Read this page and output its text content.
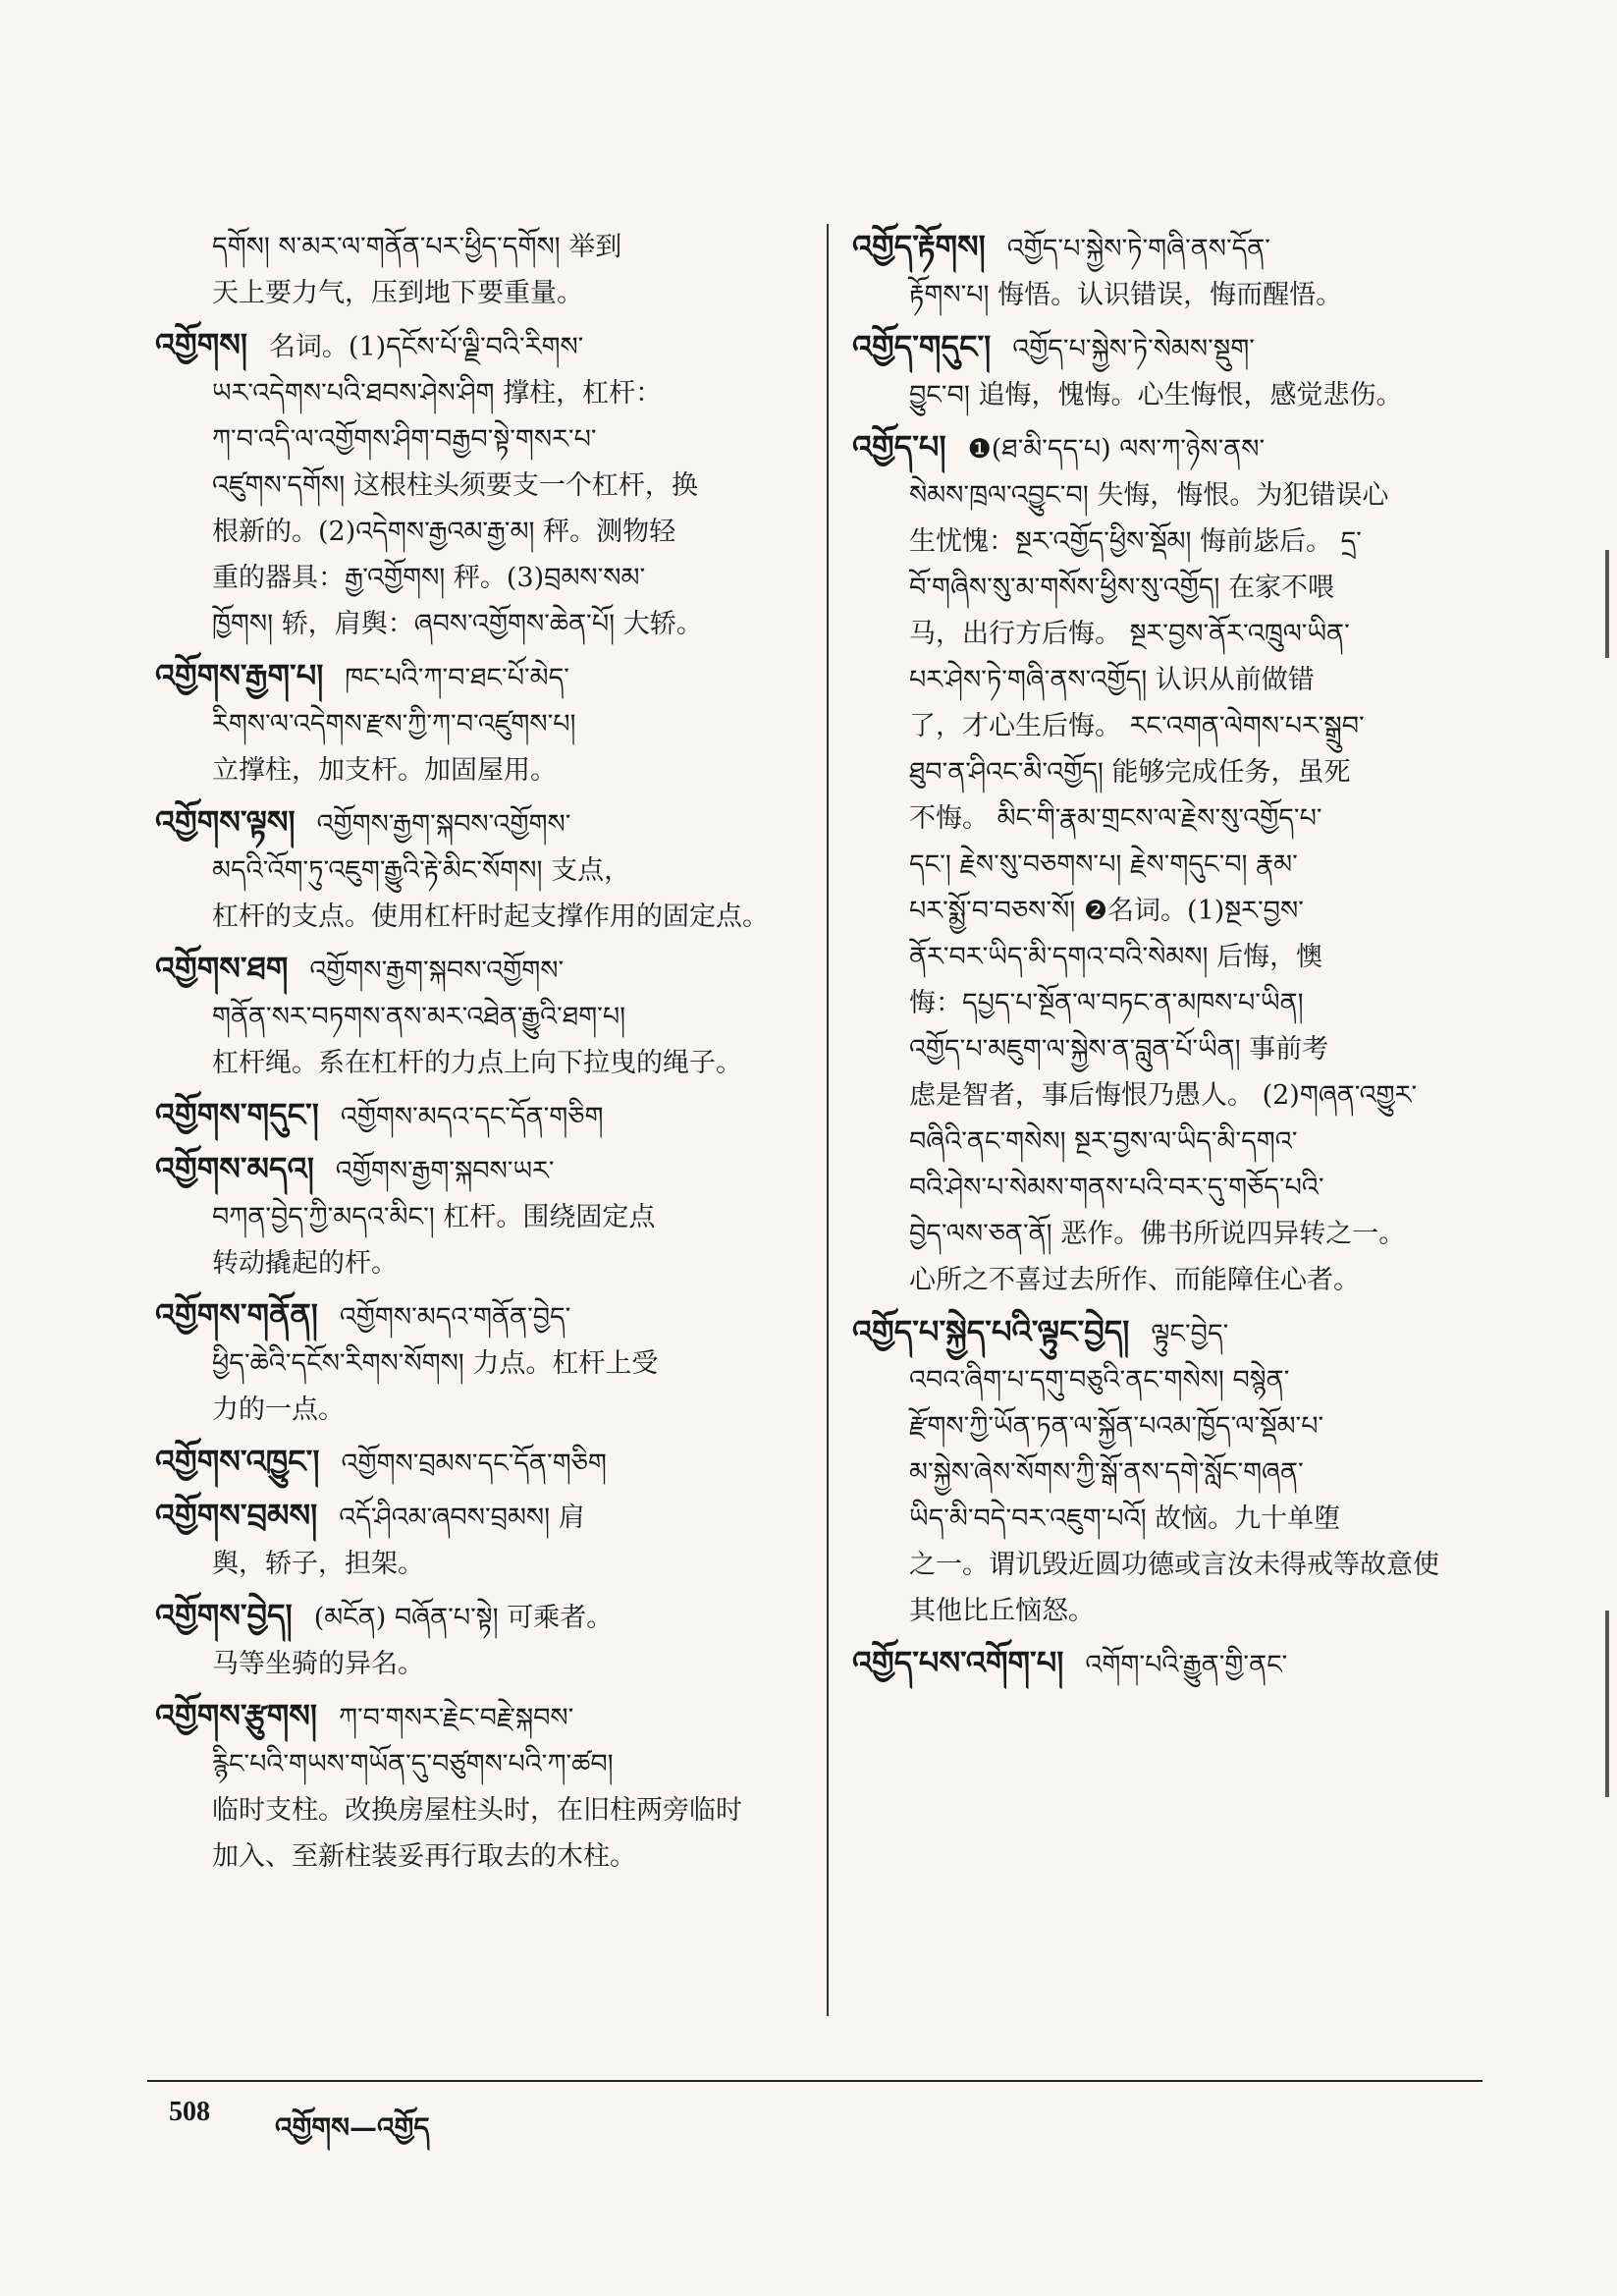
དགོས། ས་མར་ལ་གནོན་པར་ཕྱིད་དགོས། 举到
天上要力气，压到地下要重量。
འགྱོགས། 名词。(1)དངོས་པོ་ལྗི་བའི་རིགས་
ཡར་འདེགས་པའི་ཐབས་ཤེས་ཤིག 撑柱，杠杆：
ཀ་བ་འདི་ལ་འགྱོགས་ཤིག་བརྒྱབ་སྟེ་གསར་པ་
འཛུགས་དགོས། 这根柱头须要支一个杠杆，换
根新的。(2)འདེགས་རྒྱའམ་རྒྱ་མ། 秤。测物轻
重的器具：རྒྱ་འགྱོགས། 秤。(3)བྲམས་སམ་
ཁྱོགས། 轿，肩舆：ཞབས་འགྱོགས་ཆེན་པོ། 大轿。
འགྱོགས་རྒྱག་པ། ཁང་པའི་ཀ་བ་ཐང་པོ་མེད་
རིགས་ལ་འདེགས་རྫས་ཀྱི་ཀ་བ་འཛུགས་པ།
立撑柱，加支杆。加固屋用。
འགྱོགས་ལྟས། འགྱོགས་རྒྱག་སྐབས་འགྱོགས་
མདའི་འོག་ཏུ་འཇུག་རྒྱུའི་རྟེ་མིང་སོགས། 支点，
杠杆的支点。使用杠杆时起支撑作用的固定点。
འགྱོགས་ཐག འགྱོགས་རྒྱག་སྐབས་འགྱོགས་
གནོན་སར་བཏགས་ནས་མར་འཐེན་རྒྱུའི་ཐག་པ།
杠杆绳。系在杠杆的力点上向下拉曳的绳子。
འགྱོགས་གདུང་། འགྱོགས་མདའ་དང་དོན་གཅིག
འགྱོགས་མདའ། འགྱོགས་རྒྱག་སྐབས་ཡར་
བཀན་བྱེད་ཀྱི་མདའ་མིང་། 杠杆。围绕固定点
转动撬起的杆。
འགྱོགས་གནོན། འགྱོགས་མདའ་གནོན་བྱེད་
ཕྱིད་ཆེའི་དངོས་རིགས་སོགས། 力点。杠杆上受
力的一点。
འགྱོགས་འཁྱུང་། འགྱོགས་བྲམས་དང་དོན་གཅིག
འགྱོགས་བྲམས། འདོ་ཤིའམ་ཞབས་བྲམས། 肩
舆，轿子，担架。
འགྱོགས་བྱེད། (མངོན) བཞོན་པ་སྟེ། 可乘者。
马等坐骑的异名。
འགྱོགས་རྩུགས། ཀ་བ་གསར་རྗེང་བརྗེ་སྐབས་
རྙིང་པའི་གཡས་གཡོན་དུ་བཙུགས་པའི་ཀ་ཚབ།
临时支柱。改换房屋柱头时，在旧柱两旁临时
加入、至新柱装妥再行取去的木柱。
འགྱོད་རྟོགས། འགྱོད་པ་སྐྱེས་ཏེ་གཞི་ནས་དོན་
རྟོགས་པ། 悔悟。认识错误，悔而醒悟。
འགྱོད་གདུང་། འགྱོད་པ་སྐྱེས་ཏེ་སེམས་སྡུག་
བྱུང་བ། 追悔，愧悔。心生悔恨，感觉悲伤。
འགྱོད་པ། ❶(ཐ་མི་དད་པ) ལས་ཀ་ཉེས་ནས་
སེམས་ཁྲལ་འབྱུང་བ། 失悔，悔恨。为犯错误心
生忧愧：སྔར་འགྱོད་ཕྱིས་སྡོམ། 悔前毖后。 དྲ་
བོ་གཞིས་སུ་མ་གསོས་ཕྱིས་སུ་འགྱོད། 在家不喂
马，出行方后悔。 སྔར་བྱས་ནོར་འཁྲུལ་ཡིན་
པར་ཤེས་ཏེ་གཞི་ནས་འགྱོད། 认识从前做错
了，才心生后悔。 རང་འགན་ལེགས་པར་སྒྲུབ་
ཐུབ་ན་ཤིའང་མི་འགྱོད། 能够完成任务，虽死
不悔。 མིང་གི་རྣམ་གྲངས་ལ་རྗེས་སུ་འགྱོད་པ་
དང་། རྗེས་སུ་བཅགས་པ། རྗེས་གདུང་བ། རྣམ་
པར་སྨྱོ་བ་བཅས་སོ། ❷名词。(1)སྔར་བྱས་
ནོར་བར་ཡིད་མི་དགའ་བའི་སེམས། 后悔，懊
悔：དཔྱད་པ་སྔོན་ལ་བཏང་ན་མཁས་པ་ཡིན།
འགྱོད་པ་མཇུག་ལ་སྐྱེས་ན་བླུན་པོ་ཡིན། 事前考
虑是智者，事后悔恨乃愚人。 (2)གཞན་འགྱུར་
བཞིའི་ནང་གསེས། སྔར་བྱས་ལ་ཡིད་མི་དགའ་
བའི་ཤེས་པ་སེམས་གནས་པའི་བར་དུ་གཅོད་པའི་
བྱེད་ལས་ཅན་ནོ། 恶作。佛书所说四异转之一。
心所之不喜过去所作、而能障住心者。
འགྱོད་པ་སྐྱེད་པའི་ལྟུང་བྱེད། ལྟུང་བྱེད་
འབའ་ཞིག་པ་དགུ་བཅུའི་ནང་གསེས། བསྙེན་
རྫོགས་ཀྱི་ཡོན་ཏན་ལ་སྐྱོན་པའམ་ཁྱོད་ལ་སྡོམ་པ་
མ་སྐྱེས་ཞེས་སོགས་ཀྱི་སྒོ་ནས་དགེ་སློང་གཞན་
ཡིད་མི་བདེ་བར་འཇུག་པའོ། 故恼。九十单堕
之一。谓讥毁近圆功德或言汝未得戒等故意使
其他比丘恼怒。
འགྱོད་པས་འགོག་པ། འགོག་པའི་རྒྱུན་གྱི་ནང་
508 འགྱོགས—འགྱོད
